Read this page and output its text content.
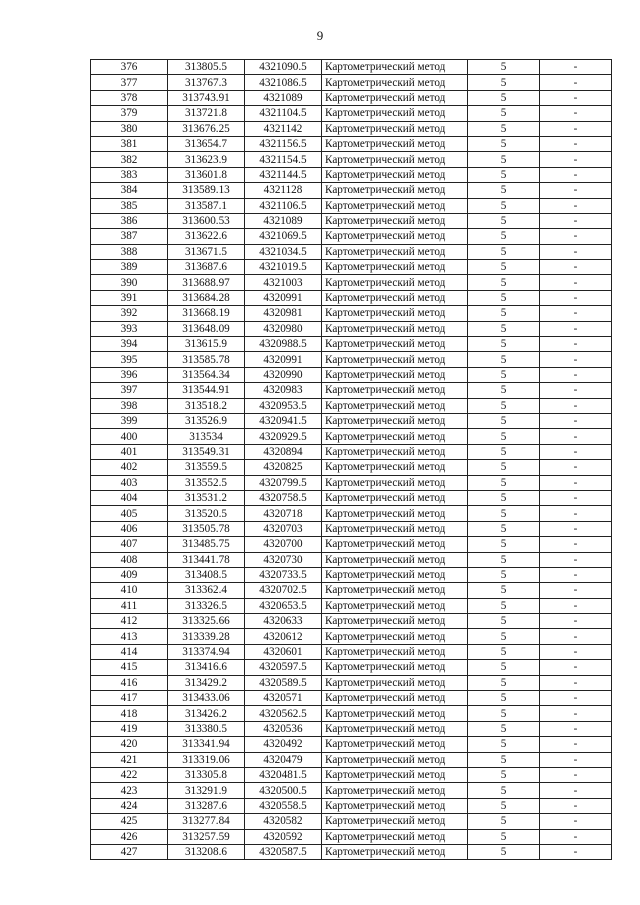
9
376	313805.5	4321090.5	Картометрический метод	5	-
377	313767.3	4321086.5	Картометрический метод	5	-
378	313743.91	4321089	Картометрический метод	5	-
379	313721.8	4321104.5	Картометрический метод	5	-
380	313676.25	4321142	Картометрический метод	5	-
381	313654.7	4321156.5	Картометрический метод	5	-
382	313623.9	4321154.5	Картометрический метод	5	-
383	313601.8	4321144.5	Картометрический метод	5	-
384	313589.13	4321128	Картометрический метод	5	-
385	313587.1	4321106.5	Картометрический метод	5	-
386	313600.53	4321089	Картометрический метод	5	-
387	313622.6	4321069.5	Картометрический метод	5	-
388	313671.5	4321034.5	Картометрический метод	5	-
389	313687.6	4321019.5	Картометрический метод	5	-
390	313688.97	4321003	Картометрический метод	5	-
391	313684.28	4320991	Картометрический метод	5	-
392	313668.19	4320981	Картометрический метод	5	-
393	313648.09	4320980	Картометрический метод	5	-
394	313615.9	4320988.5	Картометрический метод	5	-
395	313585.78	4320991	Картометрический метод	5	-
396	313564.34	4320990	Картометрический метод	5	-
397	313544.91	4320983	Картометрический метод	5	-
398	313518.2	4320953.5	Картометрический метод	5	-
399	313526.9	4320941.5	Картометрический метод	5	-
400	313534	4320929.5	Картометрический метод	5	-
401	313549.31	4320894	Картометрический метод	5	-
402	313559.5	4320825	Картометрический метод	5	-
403	313552.5	4320799.5	Картометрический метод	5	-
404	313531.2	4320758.5	Картометрический метод	5	-
405	313520.5	4320718	Картометрический метод	5	-
406	313505.78	4320703	Картометрический метод	5	-
407	313485.75	4320700	Картометрический метод	5	-
408	313441.78	4320730	Картометрический метод	5	-
409	313408.5	4320733.5	Картометрический метод	5	-
410	313362.4	4320702.5	Картометрический метод	5	-
411	313326.5	4320653.5	Картометрический метод	5	-
412	313325.66	4320633	Картометрический метод	5	-
413	313339.28	4320612	Картометрический метод	5	-
414	313374.94	4320601	Картометрический метод	5	-
415	313416.6	4320597.5	Картометрический метод	5	-
416	313429.2	4320589.5	Картометрический метод	5	-
417	313433.06	4320571	Картометрический метод	5	-
418	313426.2	4320562.5	Картометрический метод	5	-
419	313380.5	4320536	Картометрический метод	5	-
420	313341.94	4320492	Картометрический метод	5	-
421	313319.06	4320479	Картометрический метод	5	-
422	313305.8	4320481.5	Картометрический метод	5	-
423	313291.9	4320500.5	Картометрический метод	5	-
424	313287.6	4320558.5	Картометрический метод	5	-
425	313277.84	4320582	Картометрический метод	5	-
426	313257.59	4320592	Картометрический метод	5	-
427	313208.6	4320587.5	Картометрический метод	5	-
